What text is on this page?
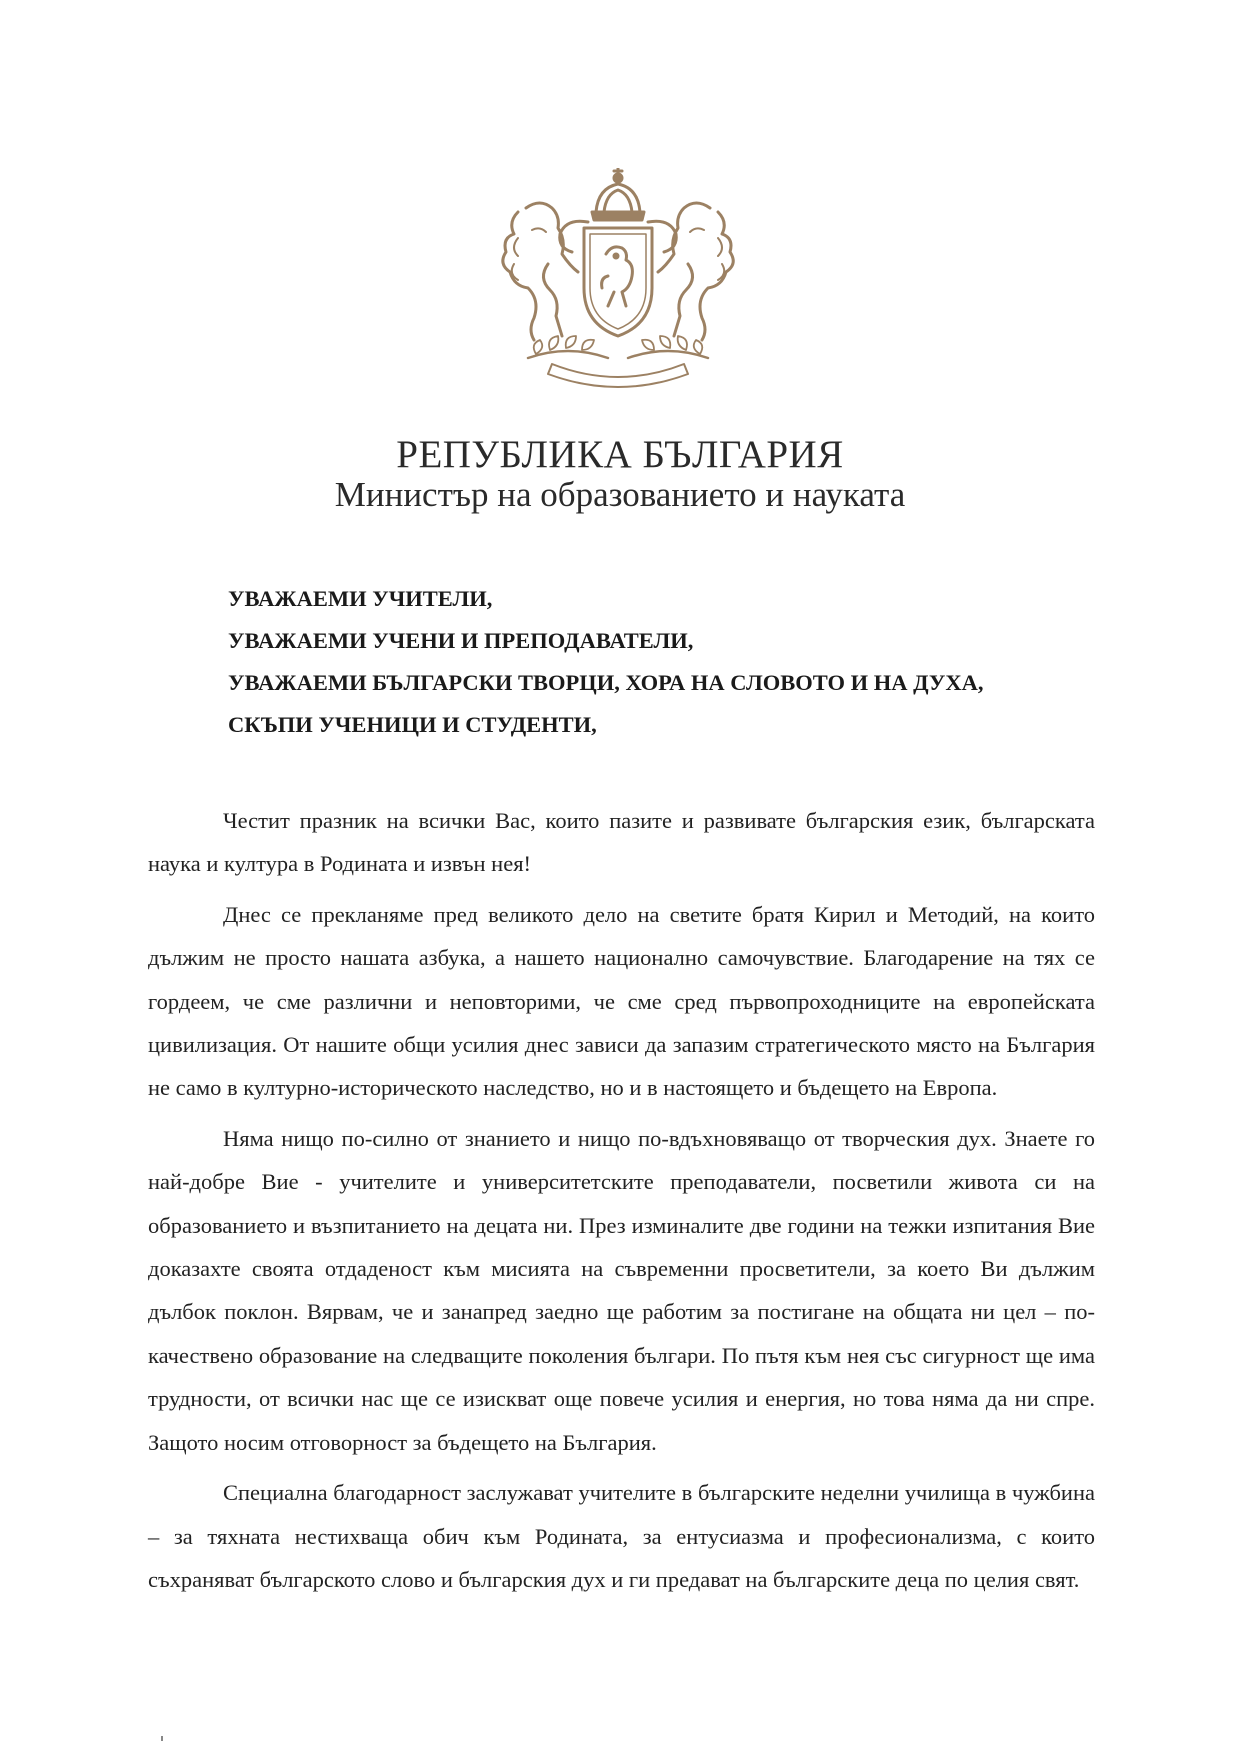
РЕПУБЛИКА БЪЛГАРИЯ
Министър на образованието и науката
УВАЖАЕМИ УЧИТЕЛИ,
УВАЖАЕМИ УЧЕНИ И ПРЕПОДАВАТЕЛИ,
УВАЖАЕМИ БЪЛГАРСКИ ТВОРЦИ, ХОРА НА СЛОВОТО И НА ДУХА,
СКЪПИ УЧЕНИЦИ И СТУДЕНТИ,

Честит празник на всички Вас, които пазите и развивате българския език, българската наука и култура в Родината и извън нея!

Днес се прекланяме пред великото дело на светите братя Кирил и Методий, на които дължим не просто нашата азбука, а нашето национално самочувствие. Благодарение на тях се гордеем, че сме различни и неповторими, че сме сред първопроходниците на европейската цивилизация. От нашите общи усилия днес зависи да запазим стратегическото място на България не само в културно-историческото наследство, но и в настоящето и бъдещето на Европа.

Няма нищо по-силно от знанието и нищо по-вдъхновяващо от творческия дух. Знаете го най-добре Вие - учителите и университетските преподаватели, посветили живота си на образованието и възпитанието на децата ни. През изминалите две години на тежки изпитания Вие доказахте своята отдаденост към мисията на съвременни просветители, за което Ви дължим дълбок поклон. Вярвам, че и занапред заедно ще работим за постигане на общата ни цел – по-качествено образование на следващите поколения българи. По пътя към нея със сигурност ще има трудности, от всички нас ще се изискват още повече усилия и енергия, но това няма да ни спре. Защото носим отговорност за бъдещето на България.

Специална благодарност заслужават учителите в българските неделни училища в чужбина – за тяхната нестихваща обич към Родината, за ентусиазма и професионализма, с които съхраняват българското слово и българския дух и ги предават на българските деца по целия свят.
